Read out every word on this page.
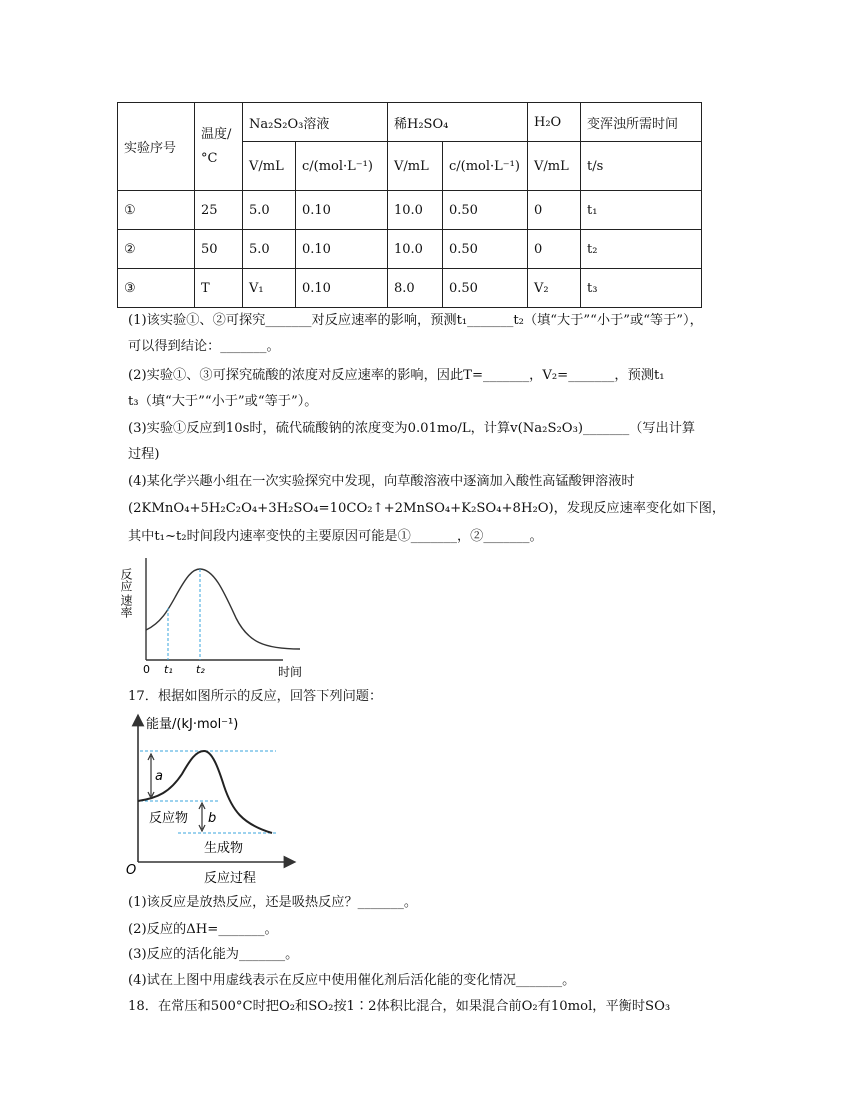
实验序号	温度/°C	Na₂S₂O₃溶液		稀H₂SO₄		H₂O	变浑浊所需时间
		V/mL	c/(mol·L⁻¹)	V/mL	c/(mol·L⁻¹)	V/mL	t/s
①	25	5.0	0.10	10.0	0.50	0	t₁
②	50	5.0	0.10	10.0	0.50	0	t₂
③	T	V₁	0.10	8.0	0.50	V₂	t₃
(1)该实验①、②可探究_______对反应速率的影响，预测t₁_______t₂（填“大于”“小于”或“等于”），
可以得到结论：_______。
(2)实验①、③可探究硫酸的浓度对反应速率的影响，因此T=_______，V₂=_______，预测t₁
t₃（填“大于”“小于”或“等于”）。
(3)实验①反应到10s时，硫代硫酸钠的浓度变为0.01mo/L，计算v(Na₂S₂O₃)_______（写出计算
过程)
(4)某化学兴趣小组在一次实验探究中发现，向草酸溶液中逐滴加入酸性高锰酸钾溶液时
(2KMnO₄+5H₂C₂O₄+3H₂SO₄=10CO₂↑+2MnSO₄+K₂SO₄+8H₂O)，发现反应速率变化如下图，
其中t₁~t₂时间段内速率变快的主要原因可能是①_______，②_______。
反应
速率
0 t₁ t₂	时间
17．根据如图所示的反应，回答下列问题：
能量/(kJ·mol⁻¹)
a
b
反应物
生成物
O
反应过程
(1)该反应是放热反应，还是吸热反应？_______。
(2)反应的ΔH=_______。
(3)反应的活化能为_______。
(4)试在上图中用虚线表示在反应中使用催化剂后活化能的变化情况_______。
18．在常压和500°C时把O₂和SO₂按1∶2体积比混合，如果混合前O₂有10mol，平衡时SO₃
